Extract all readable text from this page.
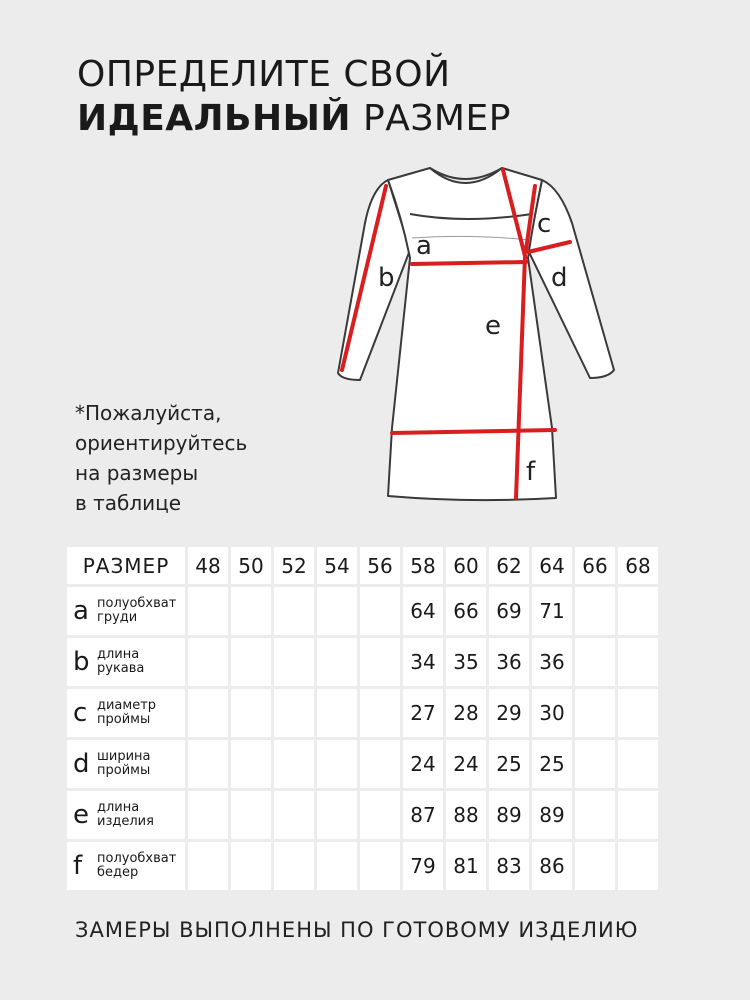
ОПРЕДЕЛИТЕ СВОЙ
ИДЕАЛЬНЫЙ РАЗМЕР
*Пожалуйста,
ориентируйтесь
на размеры
в таблице
a
b
c
d
e
f
РАЗМЕР	48	50	52	54	56	58	60	62	64	66	68

a полуобхват
груди						64	66	69	71		

b длина
рукава						34	35	36	36		

c диаметр
проймы						27	28	29	30		

d ширина
проймы						24	24	25	25		

e длина
изделия						87	88	89	89		

f полуобхват
бедер						79	81	83	86		
ЗАМЕРЫ ВЫПОЛНЕНЫ ПО ГОТОВОМУ ИЗДЕЛИЮ
